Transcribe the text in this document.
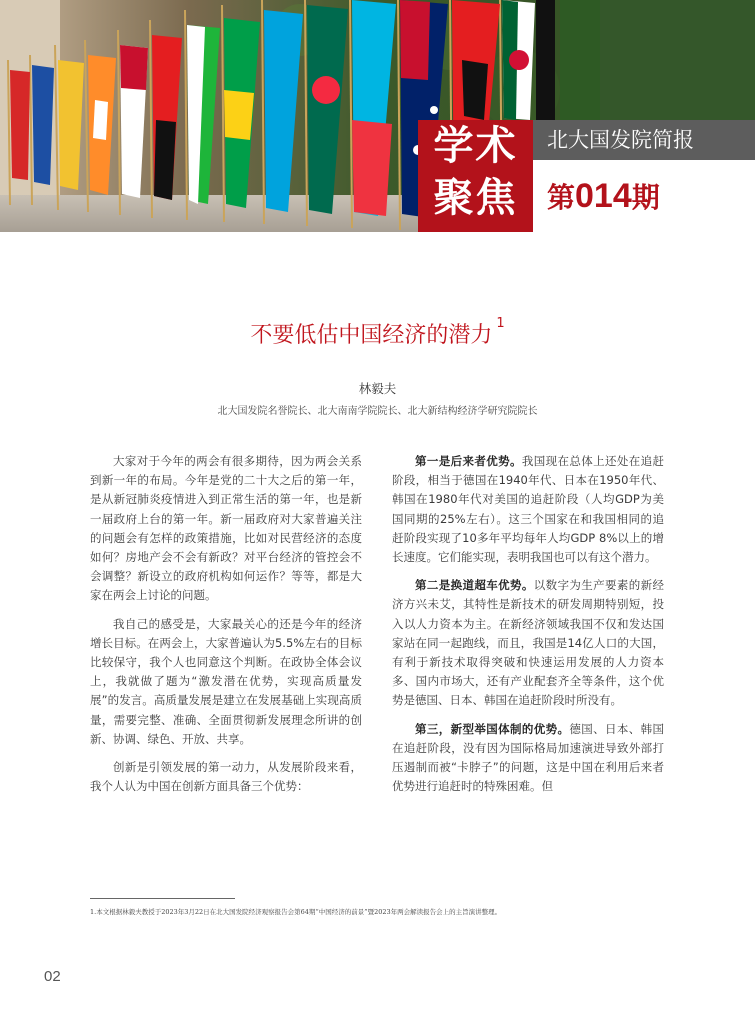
学术
聚焦
北大国发院简报
第014期
不要低估中国经济的潜力 $^1$
林毅夫
北大国发院名誉院长、北大南南学院院长、北大新结构经济学研究院院长

大家对于今年的两会有很多期待，因为两会关系到新一年的布局。今年是党的二十大之后的第一年，是从新冠肺炎疫情进入到正常生活的第一年，也是新一届政府上台的第一年。新一届政府对大家普遍关注的问题会有怎样的政策措施，比如对民营经济的态度如何？房地产会不会有新政？对平台经济的管控会不会调整？新设立的政府机构如何运作？等等，都是大家在两会上讨论的问题。

我自己的感受是，大家最关心的还是今年的经济增长目标。在两会上，大家普遍认为5.5%左右的目标比较保守，我个人也同意这个判断。在政协全体会议上，我就做了题为“激发潜在优势，实现高质量发展”的发言。高质量发展是建立在发展基础上实现高质量，需要完整、准确、全面贯彻新发展理念所讲的创新、协调、绿色、开放、共享。

创新是引领发展的第一动力，从发展阶段来看，我个人认为中国在创新方面具备三个优势：

第一是后来者优势。我国现在总体上还处在追赶阶段，相当于德国在1940年代、日本在1950年代、韩国在1980年代对美国的追赶阶段（人均GDP为美国同期的25%左右）。这三个国家在和我国相同的追赶阶段实现了10多年平均每年人均GDP 8%以上的增长速度。它们能实现，表明我国也可以有这个潜力。

第二是换道超车优势。以数字为生产要素的新经济方兴未艾，其特性是新技术的研发周期特别短，投入以人力资本为主。在新经济领域我国不仅和发达国家站在同一起跑线，而且，我国是14亿人口的大国，有利于新技术取得突破和快速运用发展的人力资本多、国内市场大，还有产业配套齐全等条件，这个优势是德国、日本、韩国在追赶阶段时所没有。

第三，新型举国体制的优势。德国、日本、韩国在追赶阶段，没有因为国际格局加速演进导致外部打压遏制而被“卡脖子”的问题，这是中国在利用后来者优势进行追赶时的特殊困难。但

1.本文根据林毅夫教授于2023年3月22日在北大国发院经济观察报告会第64期“中国经济的前景”暨2023年两会解读报告会上的主旨演讲整理。
02
